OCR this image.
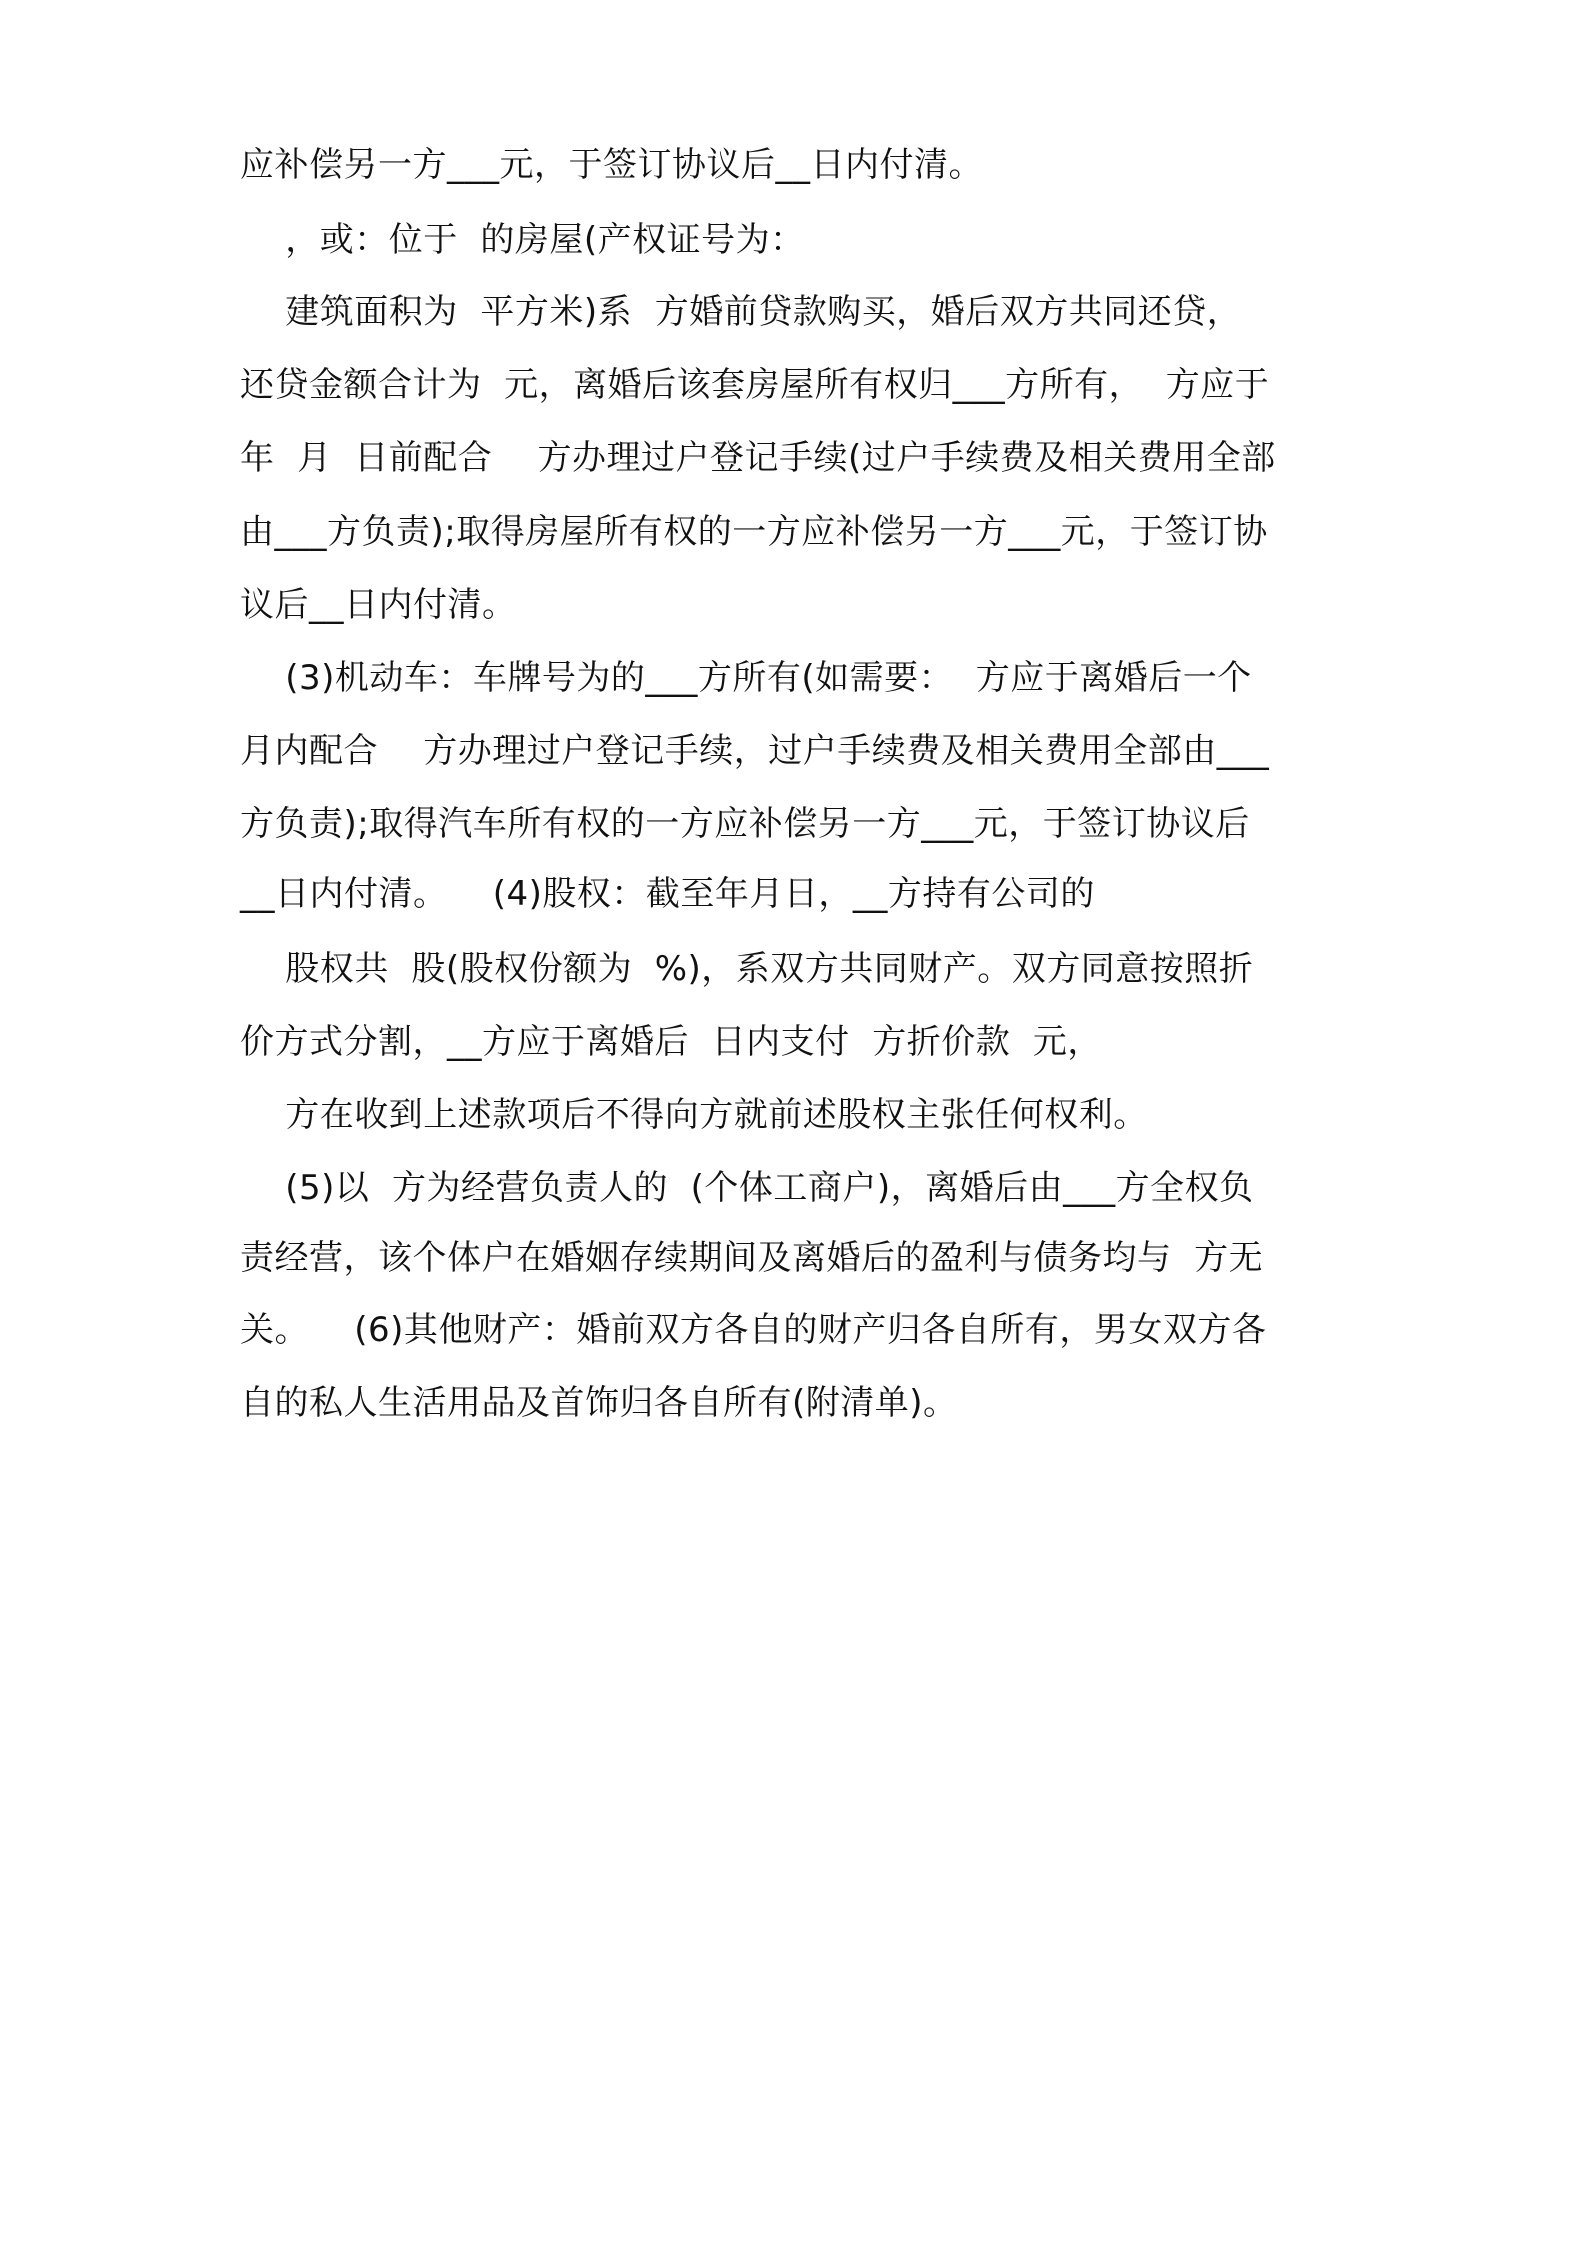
应补偿另一方___元，于签订协议后__日内付清。
，或：位于  的房屋(产权证号为：
建筑面积为  平方米)系  方婚前贷款购买，婚后双方共同还贷，
还贷金额合计为  元，离婚后该套房屋所有权归___方所有，  方应于
年  月  日前配合    方办理过户登记手续(过户手续费及相关费用全部
由___方负责);取得房屋所有权的一方应补偿另一方___元，于签订协
议后__日内付清。
(3)机动车：车牌号为的___方所有(如需要：  方应于离婚后一个
月内配合    方办理过户登记手续，过户手续费及相关费用全部由___
方负责);取得汽车所有权的一方应补偿另一方___元，于签订协议后
__日内付清。    (4)股权：截至年月日，__方持有公司的
股权共  股(股权份额为  %)，系双方共同财产。双方同意按照折
价方式分割，__方应于离婚后  日内支付  方折价款  元，
方在收到上述款项后不得向方就前述股权主张任何权利。
(5)以  方为经营负责人的  (个体工商户)，离婚后由___方全权负
责经营，该个体户在婚姻存续期间及离婚后的盈利与债务均与  方无
关。    (6)其他财产：婚前双方各自的财产归各自所有，男女双方各
自的私人生活用品及首饰归各自所有(附清单)。
